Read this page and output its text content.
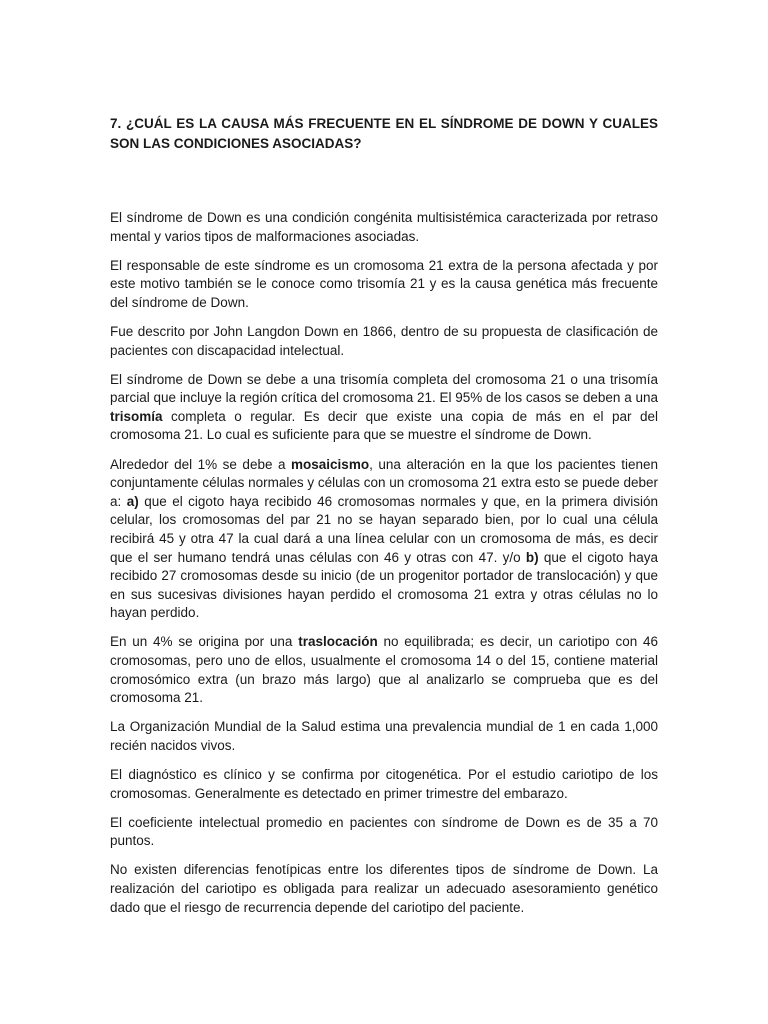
7. ¿CUÁL ES LA CAUSA MÁS FRECUENTE EN EL SÍNDROME DE DOWN Y CUALES SON LAS CONDICIONES ASOCIADAS?

El síndrome de Down es una condición congénita multisistémica caracterizada por retraso mental y varios tipos de malformaciones asociadas.

El responsable de este síndrome es un cromosoma 21 extra de la persona afectada y por este motivo también se le conoce como trisomía 21 y es la causa genética más frecuente del síndrome de Down.

Fue descrito por John Langdon Down en 1866, dentro de su propuesta de clasificación de pacientes con discapacidad intelectual.

El síndrome de Down se debe a una trisomía completa del cromosoma 21 o una trisomía parcial que incluye la región crítica del cromosoma 21. El 95% de los casos se deben a una trisomía completa o regular. Es decir que existe una copia de más en el par del cromosoma 21. Lo cual es suficiente para que se muestre el síndrome de Down.

Alrededor del 1% se debe a mosaicismo, una alteración en la que los pacientes tienen conjuntamente células normales y células con un cromosoma 21 extra esto se puede deber a: a) que el cigoto haya recibido 46 cromosomas normales y que, en la primera división celular, los cromosomas del par 21 no se hayan separado bien, por lo cual una célula recibirá 45 y otra 47 la cual dará a una línea celular con un cromosoma de más, es decir que el ser humano tendrá unas células con 46 y otras con 47. y/o b) que el cigoto haya recibido 27 cromosomas desde su inicio (de un progenitor portador de translocación) y que en sus sucesivas divisiones hayan perdido el cromosoma 21 extra y otras células no lo hayan perdido.

En un 4% se origina por una traslocación no equilibrada; es decir, un cariotipo con 46 cromosomas, pero uno de ellos, usualmente el cromosoma 14 o del 15, contiene material cromosómico extra (un brazo más largo) que al analizarlo se comprueba que es del cromosoma 21.

La Organización Mundial de la Salud estima una prevalencia mundial de 1 en cada 1,000 recién nacidos vivos.

El diagnóstico es clínico y se confirma por citogenética. Por el estudio cariotipo de los cromosomas. Generalmente es detectado en primer trimestre del embarazo.

El coeficiente intelectual promedio en pacientes con síndrome de Down es de 35 a 70 puntos.

No existen diferencias fenotípicas entre los diferentes tipos de síndrome de Down. La realización del cariotipo es obligada para realizar un adecuado asesoramiento genético dado que el riesgo de recurrencia depende del cariotipo del paciente.
